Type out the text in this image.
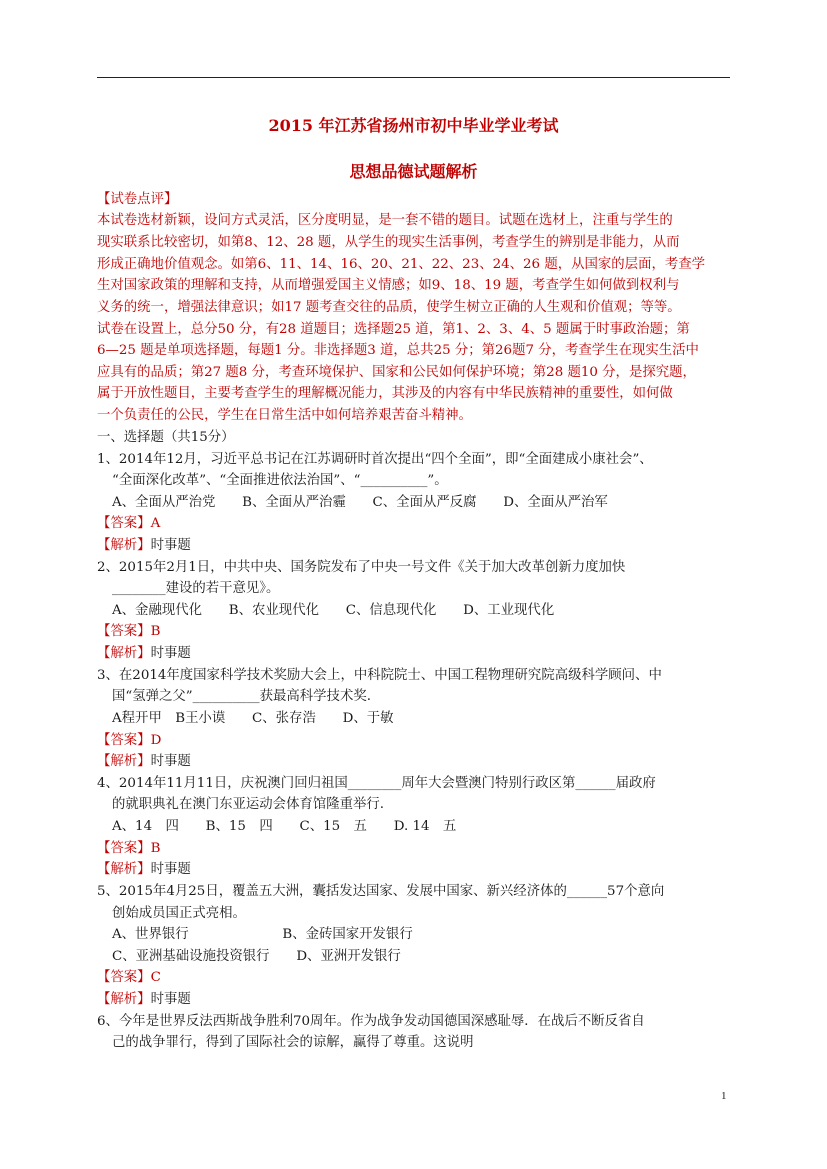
2015 年江苏省扬州市初中毕业学业考试
思想品德试题解析
【试卷点评】
本试卷选材新颖，设问方式灵活，区分度明显，是一套不错的题目。试题在选材上，注重与学生的
现实联系比较密切，如第8、12、28 题，从学生的现实生活事例，考查学生的辨别是非能力，从而
形成正确地价值观念。如第6、11、14、16、20、21、22、23、24、26 题，从国家的层面，考查学
生对国家政策的理解和支持，从而增强爱国主义情感；如9、18、19 题，考查学生如何做到权利与
义务的统一，增强法律意识；如17 题考查交往的品质，使学生树立正确的人生观和价值观；等等。
试卷在设置上，总分50 分，有28 道题目；选择题25 道，第1、2、3、4、5 题属于时事政治题；第
6—25 题是单项选择题，每题1 分。非选择题3 道，总共25 分；第26题7 分，考查学生在现实生活中
应具有的品质；第27 题8 分，考查环境保护、国家和公民如何保护环境；第28 题10 分，是探究题，
属于开放性题目，主要考查学生的理解概况能力，其涉及的内容有中华民族精神的重要性，如何做
一个负责任的公民，学生在日常生活中如何培养艰苦奋斗精神。
一、选择题（共15分）
1、2014年12月，习近平总书记在江苏调研时首次提出“四个全面”，即“全面建成小康社会”、
“全面深化改革”、“全面推进依法治国”、“__________”。
A、全面从严治党　　B、全面从严治霾　　C、全面从严反腐　　D、全面从严治军
【答案】A
【解析】时事题
2、2015年2月1日，中共中央、国务院发布了中央一号文件《关于加大改革创新力度加快
________建设的若干意见》。
A、金融现代化　　B、农业现代化　　C、信息现代化　　D、工业现代化
【答案】B
【解析】时事题
3、在2014年度国家科学技术奖励大会上，中科院院士、中国工程物理研究院高级科学顾问、中
国“氢弹之父”__________获最高科学技术奖.
A程开甲　B王小谟　　C、张存浩　　D、于敏
【答案】D
【解析】时事题
4、2014年11月11日，庆祝澳门回归祖国________周年大会暨澳门特别行政区第______届政府
的就职典礼在澳门东亚运动会体育馆隆重举行.
A、14　四　　B、15　四　　C、15　五　　D. 14　五
【答案】B
【解析】时事题
5、2015年4月25日，覆盖五大洲，囊括发达国家、发展中国家、新兴经济体的______57个意向
创始成员国正式亮相。
A、世界银行　　　　　　　B、金砖国家开发银行
C、亚洲基础设施投资银行　　D、亚洲开发银行
【答案】C
【解析】时事题
6、今年是世界反法西斯战争胜利70周年。作为战争发动国德国深感耻辱．在战后不断反省自
己的战争罪行，得到了国际社会的谅解，赢得了尊重。这说明
1
